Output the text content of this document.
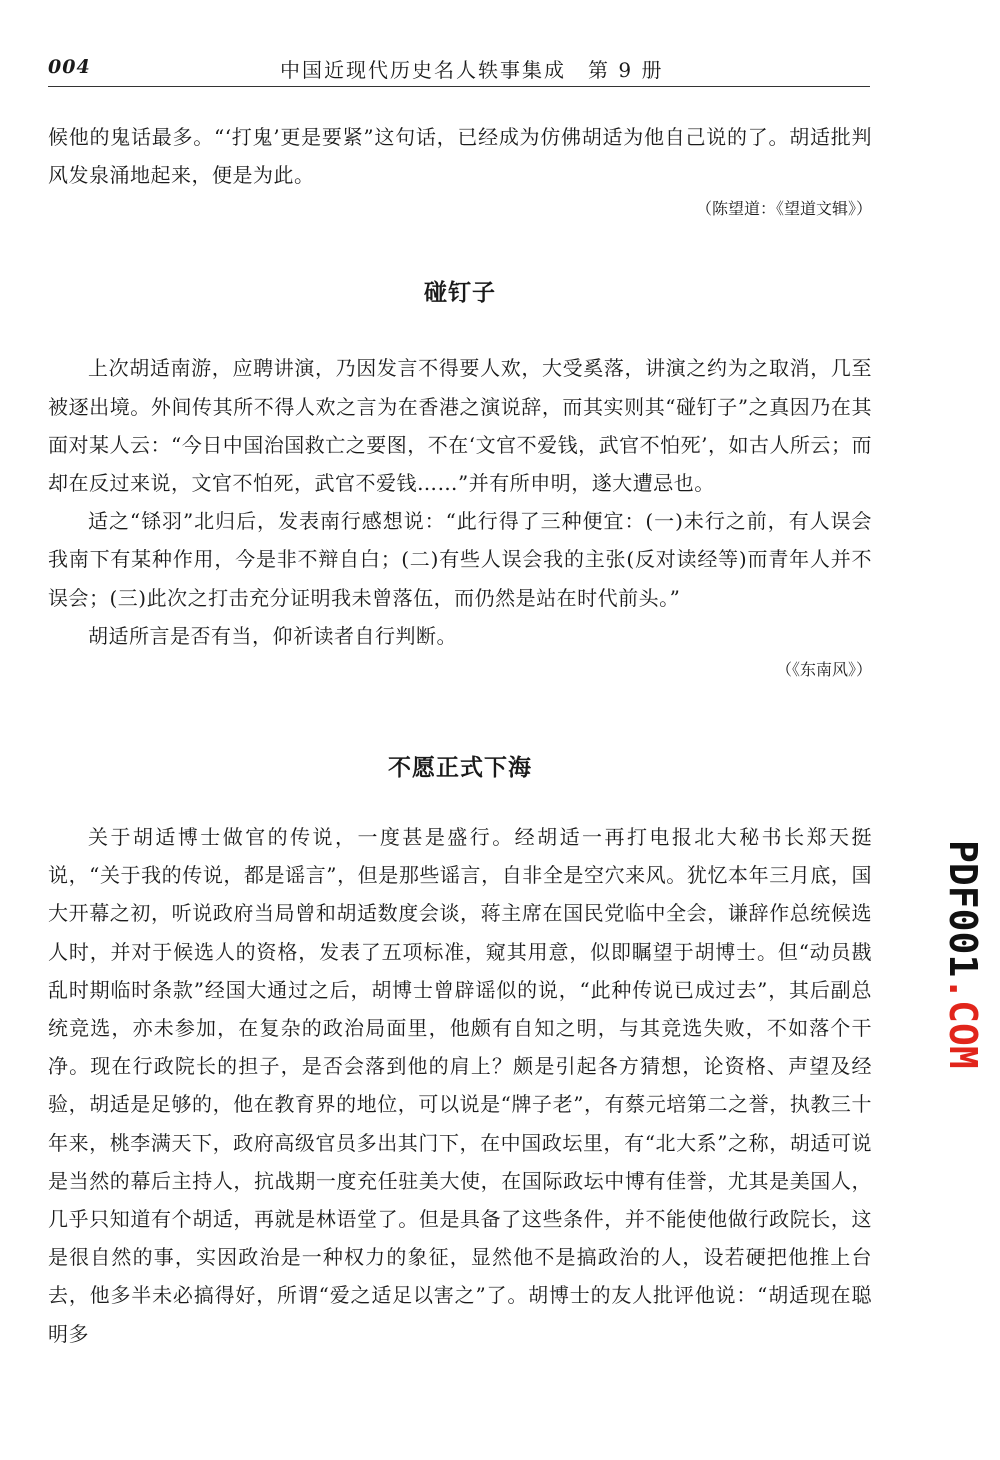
004	中国近现代历史名人轶事集成　第 9 册

候他的鬼话最多。“‘打鬼’更是要紧”这句话，已经成为仿佛胡适为他自己说的了。胡适批判风发泉涌地起来，便是为此。

（陈望道：《望道文辑》）

碰钉子

上次胡适南游，应聘讲演，乃因发言不得要人欢，大受奚落，讲演之约为之取消，几至被逐出境。外间传其所不得人欢之言为在香港之演说辞，而其实则其“碰钉子”之真因乃在其面对某人云：“今日中国治国救亡之要图，不在‘文官不爱钱，武官不怕死’，如古人所云；而却在反过来说，文官不怕死，武官不爱钱……”并有所申明，遂大遭忌也。

适之“铩羽”北归后，发表南行感想说：“此行得了三种便宜：(一)未行之前，有人误会我南下有某种作用，今是非不辩自白；(二)有些人误会我的主张(反对读经等)而青年人并不误会；(三)此次之打击充分证明我未曾落伍，而仍然是站在时代前头。”

胡适所言是否有当，仰祈读者自行判断。

（《东南风》）

不愿正式下海

关于胡适博士做官的传说，一度甚是盛行。经胡适一再打电报北大秘书长郑天挺说，“关于我的传说，都是谣言”，但是那些谣言，自非全是空穴来风。犹忆本年三月底，国大开幕之初，听说政府当局曾和胡适数度会谈，蒋主席在国民党临中全会，谦辞作总统候选人时，并对于候选人的资格，发表了五项标准，窥其用意，似即瞩望于胡博士。但“动员戡乱时期临时条款”经国大通过之后，胡博士曾辟谣似的说，“此种传说已成过去”，其后副总统竞选，亦未参加，在复杂的政治局面里，他颇有自知之明，与其竞选失败，不如落个干净。现在行政院长的担子，是否会落到他的肩上？颇是引起各方猜想，论资格、声望及经验，胡适是足够的，他在教育界的地位，可以说是“牌子老”，有蔡元培第二之誉，执教三十年来，桃李满天下，政府高级官员多出其门下，在中国政坛里，有“北大系”之称，胡适可说是当然的幕后主持人，抗战期一度充任驻美大使，在国际政坛中博有佳誉，尤其是美国人，几乎只知道有个胡适，再就是林语堂了。但是具备了这些条件，并不能使他做行政院长，这是很自然的事，实因政治是一种权力的象征，显然他不是搞政治的人，设若硬把他推上台去，他多半未必搞得好，所谓“爱之适足以害之”了。胡博士的友人批评他说：“胡适现在聪明多

PDF001.COM
